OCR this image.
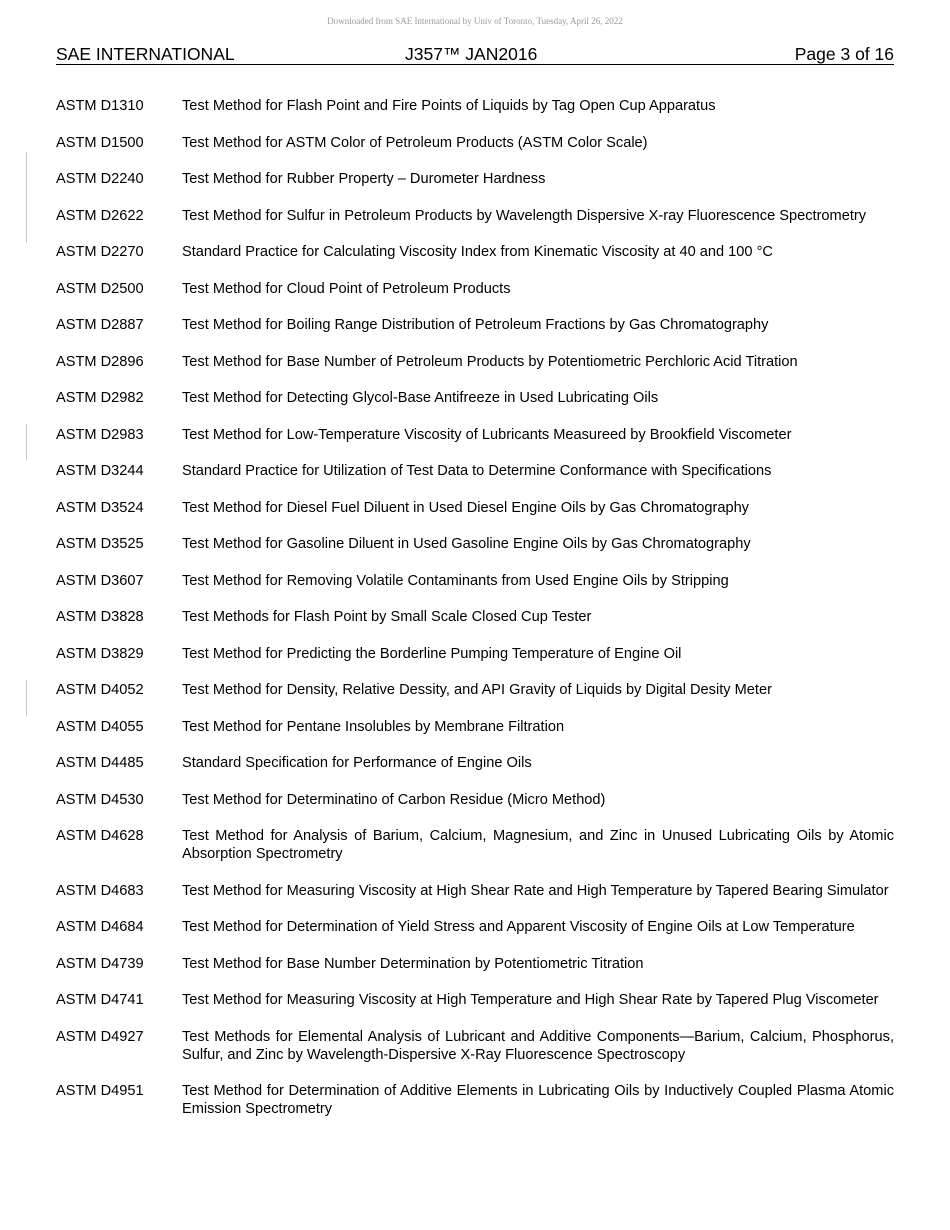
Downloaded from SAE International by Univ of Toronto, Tuesday, April 26, 2022
SAE INTERNATIONAL	J357™ JAN2016	Page 3 of 16
ASTM D1310	Test Method for Flash Point and Fire Points of Liquids by Tag Open Cup Apparatus
ASTM D1500	Test Method for ASTM Color of Petroleum Products (ASTM Color Scale)
ASTM D2240	Test Method for Rubber Property – Durometer Hardness
ASTM D2622	Test Method for Sulfur in Petroleum Products by Wavelength Dispersive X-ray Fluorescence Spectrometry
ASTM D2270	Standard Practice for Calculating Viscosity Index from Kinematic Viscosity at 40 and 100 °C
ASTM D2500	Test Method for Cloud Point of Petroleum Products
ASTM D2887	Test Method for Boiling Range Distribution of Petroleum Fractions by Gas Chromatography
ASTM D2896	Test Method for Base Number of Petroleum Products by Potentiometric Perchloric Acid Titration
ASTM D2982	Test Method for Detecting Glycol-Base Antifreeze in Used Lubricating Oils
ASTM D2983	Test Method for Low-Temperature Viscosity of Lubricants Measureed by Brookfield Viscometer
ASTM D3244	Standard Practice for Utilization of Test Data to Determine Conformance with Specifications
ASTM D3524	Test Method for Diesel Fuel Diluent in Used Diesel Engine Oils by Gas Chromatography
ASTM D3525	Test Method for Gasoline Diluent in Used Gasoline Engine Oils by Gas Chromatography
ASTM D3607	Test Method for Removing Volatile Contaminants from Used Engine Oils by Stripping
ASTM D3828	Test Methods for Flash Point by Small Scale Closed Cup Tester
ASTM D3829	Test Method for Predicting the Borderline Pumping Temperature of Engine Oil
ASTM D4052	Test Method for Density, Relative Dessity, and API Gravity of Liquids by Digital Desity Meter
ASTM D4055	Test Method for Pentane Insolubles by Membrane Filtration
ASTM D4485	Standard Specification for Performance of Engine Oils
ASTM D4530	Test Method for Determinatino of Carbon Residue (Micro Method)
ASTM D4628	Test Method for Analysis of Barium, Calcium, Magnesium, and Zinc in Unused Lubricating Oils by Atomic Absorption Spectrometry
ASTM D4683	Test Method for Measuring Viscosity at High Shear Rate and High Temperature by Tapered Bearing Simulator
ASTM D4684	Test Method for Determination of Yield Stress and Apparent Viscosity of Engine Oils at Low Temperature
ASTM D4739	Test Method for Base Number Determination by Potentiometric Titration
ASTM D4741	Test Method for Measuring Viscosity at High Temperature and High Shear Rate by Tapered Plug Viscometer
ASTM D4927	Test Methods for Elemental Analysis of Lubricant and Additive Components—Barium, Calcium, Phosphorus, Sulfur, and Zinc by Wavelength-Dispersive X-Ray Fluorescence Spectroscopy
ASTM D4951	Test Method for Determination of Additive Elements in Lubricating Oils by Inductively Coupled Plasma Atomic Emission Spectrometry
